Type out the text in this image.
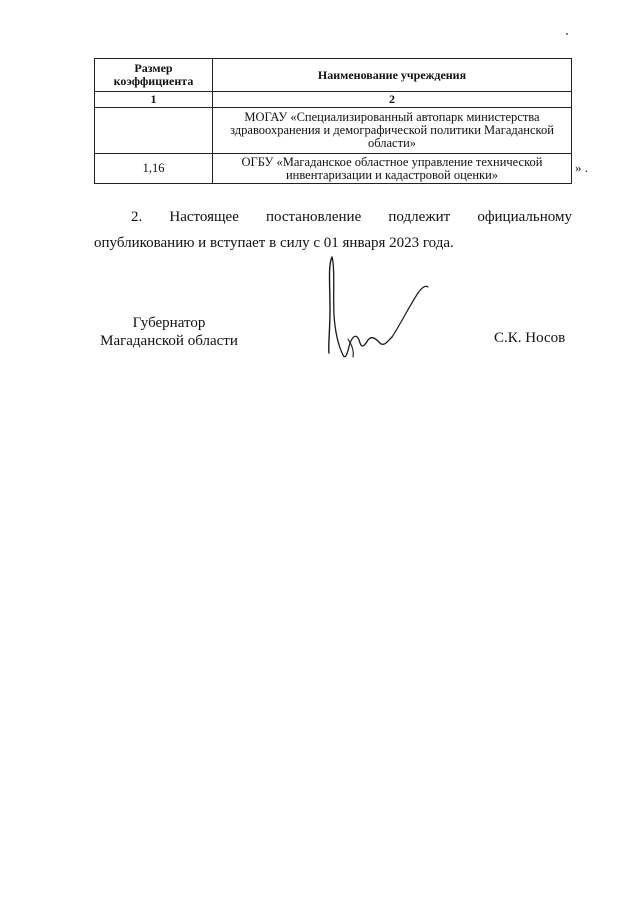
Размер коэффициента	Наименование учреждения
1	2
	МОГАУ «Специализированный автопарк министерства здравоохранения и демографической политики Магаданской области»
1,16	ОГБУ «Магаданское областное управление технической инвентаризации и кадастровой оценки»	» .
2. Настоящее постановление подлежит официальному
опубликованию и вступает в силу с 01 января 2023 года.
Губернатор
Магаданской области	С.К. Носов
